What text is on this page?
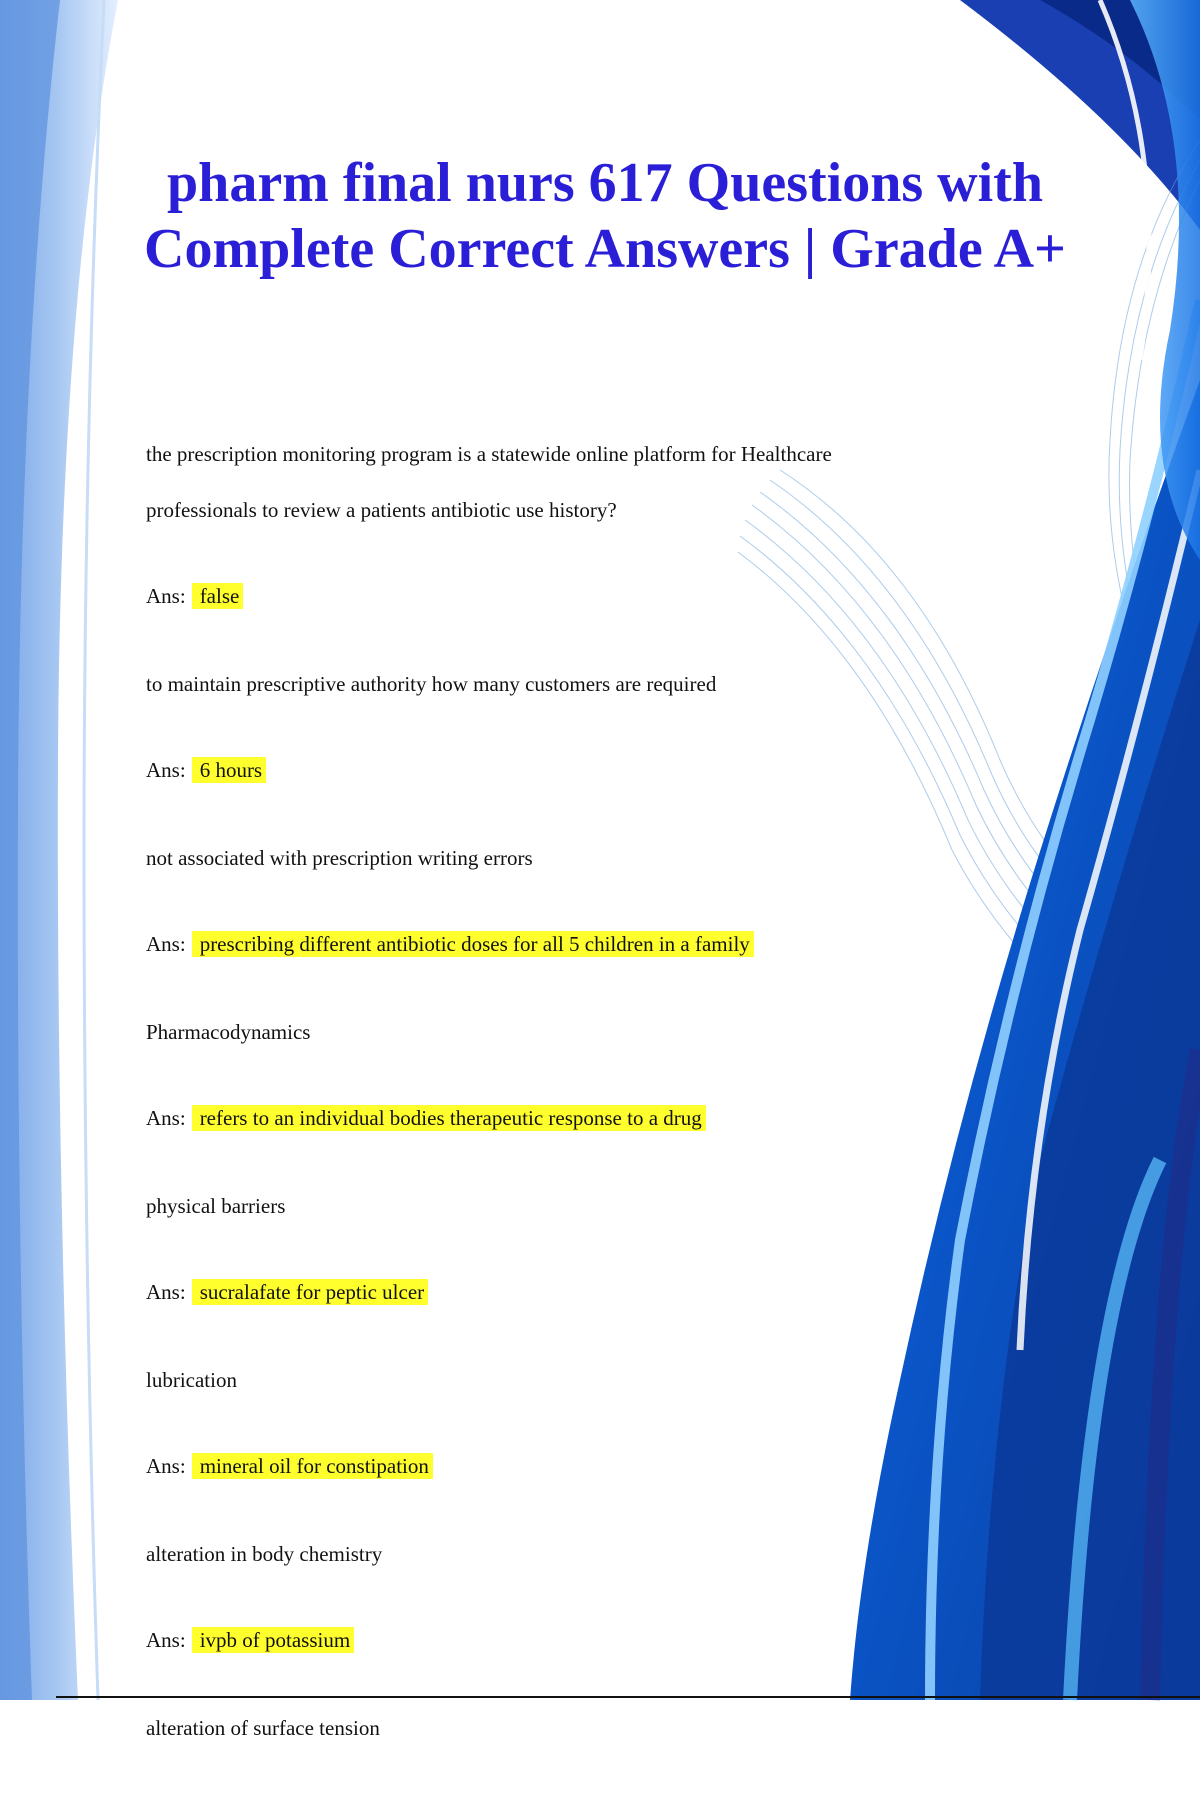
pharm final nurs 617 Questions with Complete Correct Answers | Grade A+

the prescription monitoring program is a statewide online platform for Healthcare professionals to review a patients antibiotic use history?

Ans: false

to maintain prescriptive authority how many customers are required

Ans: 6 hours

not associated with prescription writing errors

Ans: prescribing different antibiotic doses for all 5 children in a family

Pharmacodynamics

Ans: refers to an individual bodies therapeutic response to a drug

physical barriers

Ans: sucralafate for peptic ulcer

lubrication

Ans: mineral oil for constipation

alteration in body chemistry

Ans: ivpb of potassium

alteration of surface tension
